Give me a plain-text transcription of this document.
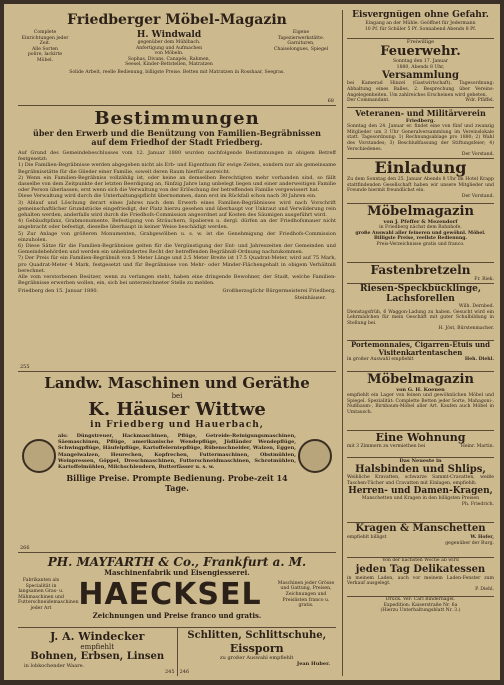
Friedberger Möbel-Magazin
Complete
Einrichtungen jeder
Zeit.
Alle Sorten
polire, lackirte
Möbel.
H. Windwald
gegenüber dem Mühlbach.
Anfertigung und Aufmachen
von Möbeln.
Sophas, Divans, Canapés, Rahmen,
Seesel, Kinder-Bettstellen, Matratzen
Eigene
Tapezierwerkstätte.
Garnituren,
Chaiselongues, Spiegel
Solide Arbeit, reelle Bedienung, billigste Preise. Betten mit Matratzen in Rosshaar, Seegras.
68
Bestimmungen
über den Erwerb und die Benützung von Familien-Begräbnissen auf dem Friedhof der Stadt Friedberg.
Auf Grund des Gemeindebeschlusses vom 12. Januar 1880 wurden nachfolgende Bestimmungen in obigem Betreff festgesetzt:
1) Die Familien-Begräbnisse werden abgegeben nicht als Erb- und Eigenthum für ewige Zeiten, sondern nur als gemeinsame Begräbnisstätte für die Glieder einer Familie, soweit deren Raum hierfür ausreicht.
2) Wenn ein Familien-Begräbniss vollzählig ist, oder keine an demselben Berechtigten mehr vorhanden sind, so fällt dasselbe von dem Zeitpunkte der letzten Beerdigung an, fünfzig Jahre lang unbelegt liegen und einer anderweitigen Familie oder Person überlassen, erst wenn sich die Verwaltung von der Erlöschung der betreffenden Familie vergewissert hat.
Diese Verwaltung wird durch die Unterhaltungspflicht übernommen, dann erst im Rückfall schon nach 30 Jahren ein.
3) Ablauf und Löschung derart eines Jahres nach dem Erwerb eines Familien-Begräbnisses wird nach Vorschrift gemeinschaftlicher Grundstücke eingefriedigt, der Platz hierzu gesehen und überhaupt vor Unkraut und Verwilderung rein gehalten werden, anderfalls wird durch die Friedhofs-Commission angeordnet auf Kosten des Säumigen ausgeführt wird.
4) Gebäudtpfanz, Grabmonumente, Befestigung von Sträuchern, Spalieren u. dergl. dürfen an der Friedhofsmauer nicht angebracht oder befestigt, dieselbe überhaupt in keiner Weise beschädigt werden.
5) Zur Anlage von größeren Monumenten, Grabgewölben u. s. w. ist die Genehmigung der Friedhofs-Commission einzuholen.
6) Diese Sätze für die Familien-Begräbnisse gelten für die Vergünstigung der Ent- und Jahreszeiten der Gemeinden und Gemeindebehörden und werden ein unbehindertes Recht der betreffenden Begräbniß-Ordnung nachzukommen.
7) Der Preis für ein Familien-Begräbniß von 5 Meter Länge und 2.5 Meter Breite ist 17.5 Quadrat-Meter, wird auf 75 Mark, pro Quadrat-Meter 4 Mark, festgesetzt und für Begräbnisse von Mehr- oder Minder-Flächengehalt in obigem Verhältniß berechnet.
Alle vom verstorbenen Besitzer, wenn zu verlangen steht, haben eine dringende Bewohner, der Stadt, welche Familien-Begräbnisse erwerben wollen, ein, sich bei unterzeichneter Stelle zu melden.
Friedberg den 15. Januar 1880.	Großherzoglichr Bürgermeisterei Friedberg.
Steinhäuser.
255
Landw. Maschinen und Geräthe
bei
K. Häuser Wittwe
in Friedberg und Hauerbach,
als: Düngstreuer, Hackmaschinen, Pflüge, Getreide-Reinigungsmaschinen, Säemaschinen, Pflüge, amerikanische Wendepflüge, Jüdländer Wendepflüge, Schwingpflüge, Häufelpflüge, Kartoffelerntepflüge, Rübenschneider, Walzen, Eggen, Mangelwalzen, Heurechen, Kopfrechen, Futtermaschinen, Obstmühlen, Weinpressen, Göppel, Dreschmaschinen, Futterschneidmaschinen, Schrotmühlen, Kartoffelmühlen, Milchschleudern, Butterfässer u. s. w.
Billige Preise. Prompte Bedienung. Probe-zeit 14 Tage.
266
PH. MAYFARTH & Co., Frankfurt a. M.
Maschinenfabrik und Eisengiesserei.
Fabrikanten als Specialität in langsamen Gras- u. Mähmaschinen und Futterschneidemaschinen jeder Art HAECKSEL	Maschinen jeder Grösse und Gattung, Preisen, Zeichnungen und Preislisten franco u. gratis.
Zeichnungen und Preise franco und gratis.
J. A. Windecker
empfiehlt
Bohnen, Erbsen, Linsen
in lobkochender Waare.
245
Schlitten, Schlittschuhe,
Eissporn
zu großer Auswahl empfiehlt
Jean Huber.
246
Eisvergnügen ohne Gefahr.
Eingang an der Mühle. Geöffnet für Jedermann
10 Pf. für Schüler 5 Pf. Sonnabend Abends 8 Pf.
Freiwillige
Feuerwehr.
Sonntag den 17. Januar
1880, Abends 8 Uhr,
Versammlung
bei Kamerad Hinzel (Gastwirtschaft). Tagesordnung: Abhaltung eines Balles, 2. Besprechung über Vereins-Angelegenheiten. Um zahlreiches Erscheinen wird gebeten.
Der Commandant.	Wdr. Pfäffel.
Veteranen- und Militärverein
Friedberg.
Sonntag den 24. Januar er. findet eine von fünf und zwanzig Mitglieder um 3 Uhr Generalversammlung im Vereinslokale statt. Tagesordnung: 1) Rechnungsablage pro 1880; 2) Wahl des Vorstandes; 3) Beschlußfassung der Stiftungsfeier; 4) Verschiedenes.
Der Vorstand.
Einladung
Zu dem Sonntag den 25. Januar Abends 8 Uhr im Hotel Krapp stattfindenden Gesellschaft haben wir unsere Mitglieder und Freunde hiermit freundlichst ein.
Der Vorstand.
Möbelmagazin
von J. Pfeffer & Mezendorf
in Friedberg nächst dem Bahnhofe,
große Auswahl aller feineren und gewöhnl. Möbel. Billigste Preise, reellste Bedienung.
Preis-Verzeichnisse gratis und franco.
Fastenbretzeln
Fr. Riek.
Riesen-Speckbücklinge, Lachsforellen
Wilh. Dernbed.
Dienstagsfrüh, 6 Waggon-Ladung zu haben. Gesucht wird ein Lehrmädchen für mein Geschäft mit guter Schulbildung in Stellung bei.
H. Jöst, Bürstenmacher.
Portemonnaies, Cigarren-Etuis und Visitenkartentaschen
in großer Auswahl empfiehlt	Heh. Diehl.
Möbelmagazin
von G. H. Koenen
empfiehlt ein Lager von feinen und gewöhnlichen Möbel und Spiegel. Spezialität: Complette Betten jeder Sorte, Mahagoni-, Nußbaum-, Birnbaum-Möbel aller Art. Kaufen auch Möbel in Umtausch.
Eine Wohnung
mit 3 Zimmern zu vermiethen bei	Heinr. Martin.
Das Neueste in
Halsbinden und Shlips,
Weibliche Kravatten, schwarze Sammt-Cravatten, weiße Taschen-Tücher und Cravatten mit Einlagen, empfiehlt:
Herren- und Damen-Kragen,
Manschetten und Kragen in den billigsten Preisen
Ph. Friedrich.
Kragen & Manschetten
empfiehlt billigst	W. Hofer,
gegenüber der Burg.
Von der nächsten Woche ab wird
jeden Tag Delikatessen
in meinem Laden, auch vor meinem Laden-Fenster zum Verkauf ausgelegt.
P. Diehl.
Druck. Ver: Carl Bindernagel.
Expedition: Kaiserstraße Nr. 6a
(Hierzu Unterhaltungsblatt Nr. 3.)
